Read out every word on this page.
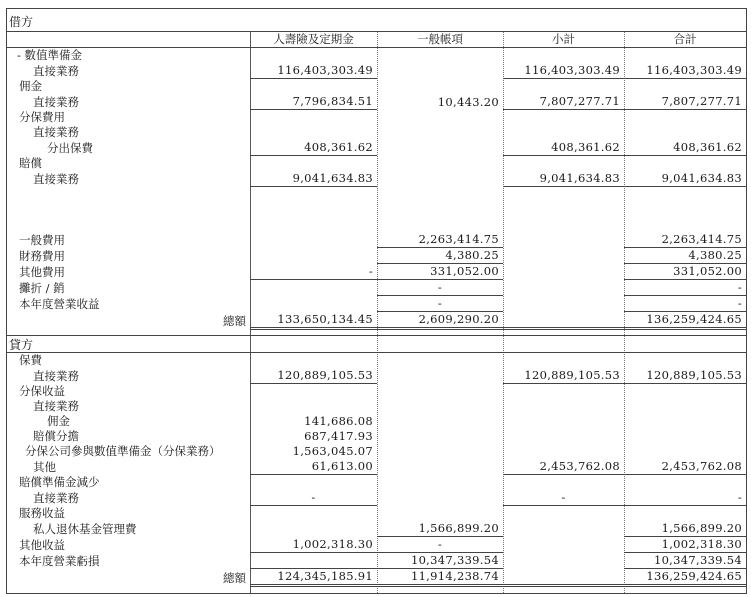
借方
	人壽險及定期金	一般帳項	小計	合計
- 數值準備金				
直接業務	116,403,303.49		116,403,303.49	116,403,303.49
佣金				
直接業務	7,796,834.51	10,443.20	7,807,277.71	7,807,277.71
分保費用				
直接業務				
分出保費	408,361.62		408,361.62	408,361.62
賠償				
直接業務	9,041,634.83		9,041,634.83	9,041,634.83

一般費用		2,263,414.75		2,263,414.75
財務費用		4,380.25		4,380.25
其他費用	-	331,052.00		331,052.00
攤折 / 銷		-		-
本年度營業收益		-		-
總額	133,650,134.45	2,609,290.20		136,259,424.65
貸方
保費				
直接業務	120,889,105.53		120,889,105.53	120,889,105.53
分保收益				
直接業務				
佣金	141,686.08			
賠償分擔	687,417.93			
分保公司參與數值準備金（分保業務）	1,563,045.07			
其他	61,613.00		2,453,762.08	2,453,762.08
賠償準備金減少				
直接業務	-		-	-
服務收益				
私人退休基金管理費		1,566,899.20		1,566,899.20
其他收益	1,002,318.30	-		1,002,318.30
本年度營業虧損		10,347,339.54		10,347,339.54
總額	124,345,185.91	11,914,238.74		136,259,424.65
